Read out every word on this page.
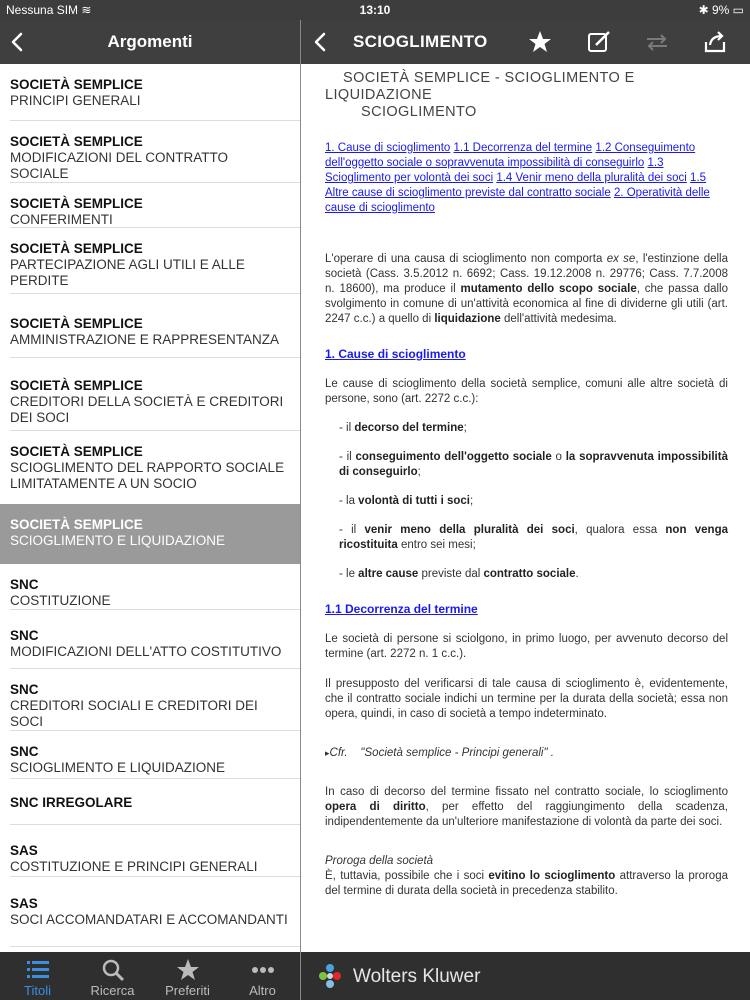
Nessuna SIM ≋	13:10	✱ 9% ▭
Argomenti	SCIOGLIMENTO
SOCIETÀ SEMPLICE
PRINCIPI GENERALI
SOCIETÀ SEMPLICE
MODIFICAZIONI DEL CONTRATTO SOCIALE
SOCIETÀ SEMPLICE
CONFERIMENTI
SOCIETÀ SEMPLICE
PARTECIPAZIONE AGLI UTILI E ALLE PERDITE
SOCIETÀ SEMPLICE
AMMINISTRAZIONE E RAPPRESENTANZA
SOCIETÀ SEMPLICE
CREDITORI DELLA SOCIETÀ E CREDITORI DEI SOCI
SOCIETÀ SEMPLICE
SCIOGLIMENTO DEL RAPPORTO SOCIALE LIMITATAMENTE A UN SOCIO
SOCIETÀ SEMPLICE
SCIOGLIMENTO E LIQUIDAZIONE
SNC
COSTITUZIONE
SNC
MODIFICAZIONI DELL'ATTO COSTITUTIVO
SNC
CREDITORI SOCIALI E CREDITORI DEI SOCI
SNC
SCIOGLIMENTO E LIQUIDAZIONE
SNC IRREGOLARE
SAS
COSTITUZIONE E PRINCIPI GENERALI
SAS
SOCI ACCOMANDATARI E ACCOMANDANTI
Titoli	Ricerca	Preferiti	Altro
Wolters Kluwer
SOCIETÀ SEMPLICE - SCIOGLIMENTO E
LIQUIDAZIONE
SCIOGLIMENTO
1. Cause di scioglimento 1.1 Decorrenza del termine 1.2 Conseguimento dell'oggetto sociale o sopravvenuta impossibilità di conseguirlo 1.3 Scioglimento per volontà dei soci 1.4 Venir meno della pluralità dei soci 1.5 Altre cause di scioglimento previste dal contratto sociale 2. Operatività delle cause di scioglimento

L'operare di una causa di scioglimento non comporta ex se, l'estinzione della società (Cass. 3.5.2012 n. 6692; Cass. 19.12.2008 n. 29776; Cass. 7.7.2008 n. 18600), ma produce il mutamento dello scopo sociale, che passa dallo svolgimento in comune di un'attività economica al fine di dividerne gli utili (art. 2247 c.c.) a quello di liquidazione dell'attività medesima.

1. Cause di scioglimento

Le cause di scioglimento della società semplice, comuni alle altre società di persone, sono (art. 2272 c.c.):

- il decorso del termine;
- il conseguimento dell'oggetto sociale o la sopravvenuta impossibilità di conseguirlo;
- la volontà di tutti i soci;
- il venir meno della pluralità dei soci, qualora essa non venga ricostituita entro sei mesi;
- le altre cause previste dal contratto sociale.
1.1 Decorrenza del termine

Le società di persone si sciolgono, in primo luogo, per avvenuto decorso del termine (art. 2272 n. 1 c.c.).

Il presupposto del verificarsi di tale causa di scioglimento è, evidentemente, che il contratto sociale indichi un termine per la durata della società; essa non opera, quindi, in caso di società a tempo indeterminato.

▸Cfr. "Società semplice - Principi generali" .

In caso di decorso del termine fissato nel contratto sociale, lo scioglimento opera di diritto, per effetto del raggiungimento della scadenza, indipendentemente da un'ulteriore manifestazione di volontà da parte dei soci.

Proroga della società

È, tuttavia, possibile che i soci evitino lo scioglimento attraverso la proroga del termine di durata della società in precedenza stabilito.
